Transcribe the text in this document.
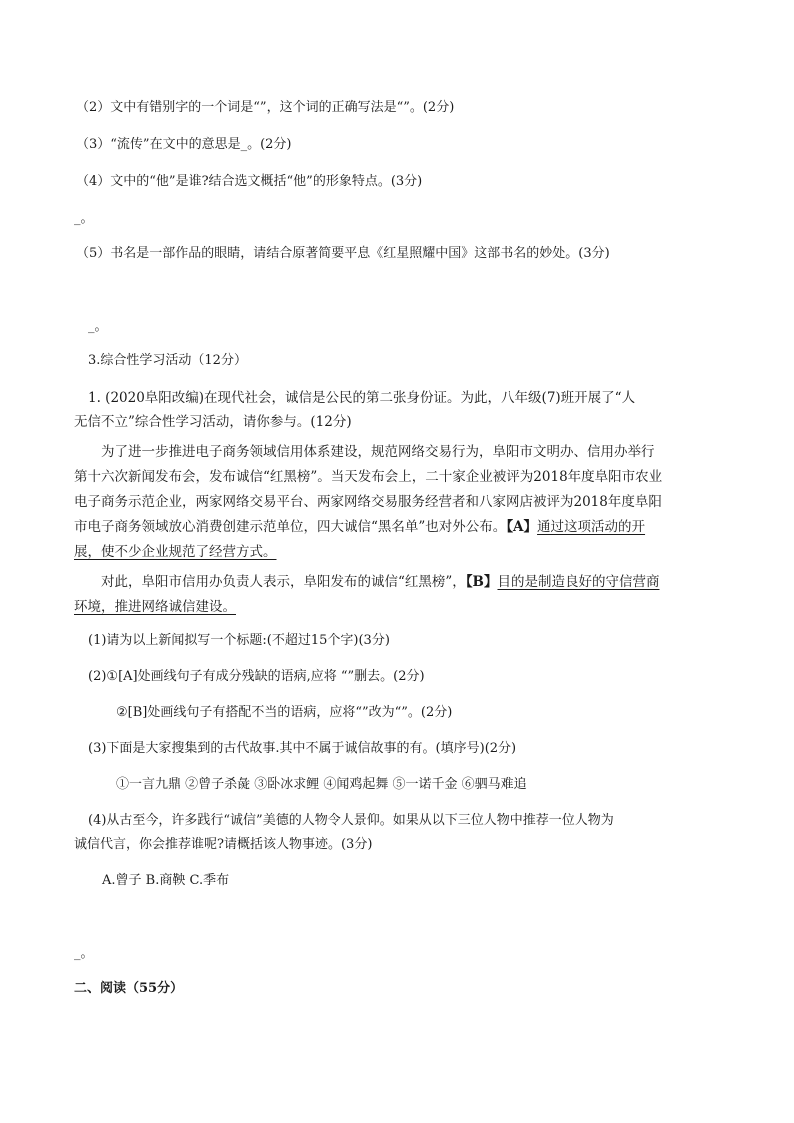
（2）文中有错别字的一个词是“”，这个词的正确写法是“”。(2分)
（3）“流传”在文中的意思是_。(2分)
（4）文中的“他”是谁?结合选文概括“他”的形象特点。(3分)
_。
（5）书名是一部作品的眼睛，请结合原著简要平息《红星照耀中国》这部书名的妙处。(3分)
_。
3.综合性学习活动（12分）
1. (2020阜阳改编)在现代社会，诚信是公民的第二张身份证。为此，八年级(7)班开展了“人
无信不立”综合性学习活动，请你参与。(12分)
为了进一步推进电子商务领域信用体系建设，规范网络交易行为，阜阳市文明办、信用办举行第十六次新闻发布会，发布诚信“红黑榜”。当天发布会上，二十家企业被评为2018年度阜阳市农业电子商务示范企业，两家网络交易平台、两家网络交易服务经营者和八家网店被评为2018年度阜阳市电子商务领域放心消费创建示范单位，四大诚信“黑名单”也对外公布。【A】通过这项活动的开展，使不少企业规范了经营方式。
对此，阜阳市信用办负责人表示，阜阳发布的诚信“红黑榜”，【B】目的是制造良好的守信营商环境，推进网络诚信建设。
(1)请为以上新闻拟写一个标题:(不超过15个字)(3分)
(2)①[A]处画线句子有成分残缺的语病,应将 “”删去。(2分)
②[B]处画线句子有搭配不当的语病，应将“”改为“”。(2分)
(3)下面是大家搜集到的古代故事.其中不属于诚信故事的有。(填序号)(2分)
①一言九鼎 ②曾子杀彘 ③卧冰求鲤 ④闻鸡起舞 ⑤一诺千金 ⑥驷马难追
(4)从古至今，许多践行“诚信”美德的人物令人景仰。如果从以下三位人物中推荐一位人物为
诚信代言，你会推荐谁呢?请概括该人物事迹。(3分)
A.曾子 B.商鞅 C.季布
_。
二、阅读（55分）
